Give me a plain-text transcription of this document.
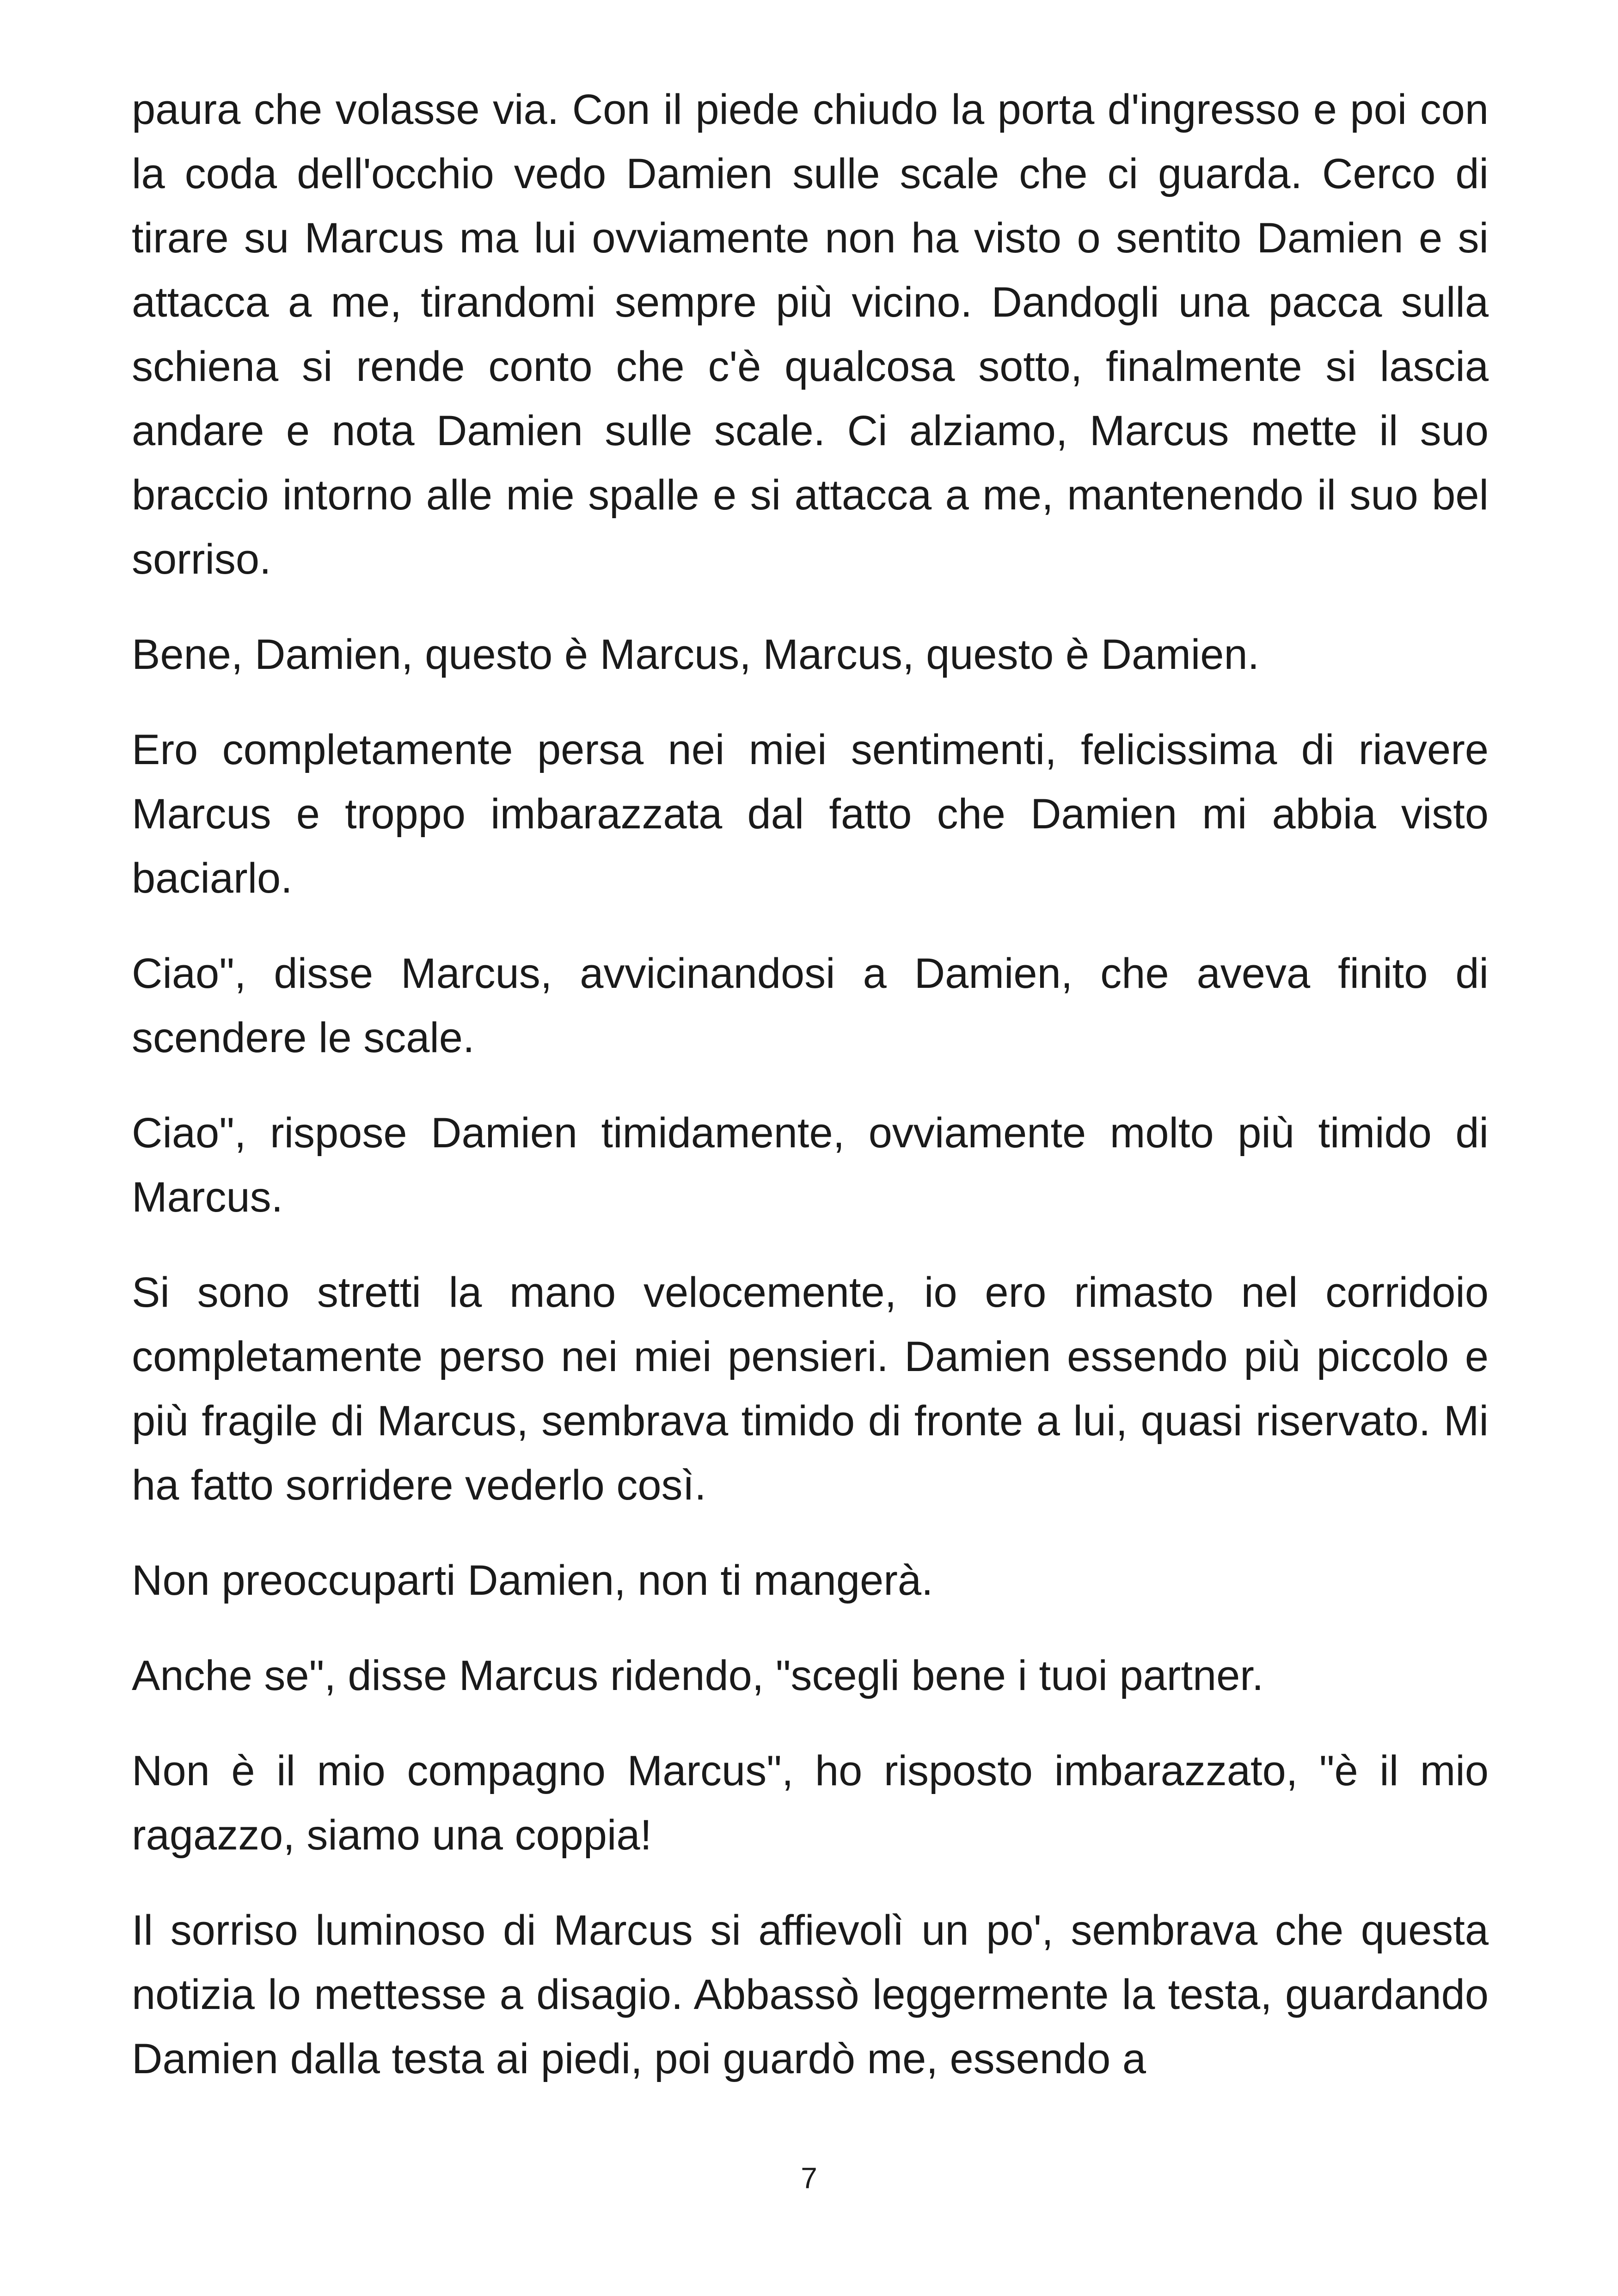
paura che volasse via. Con il piede chiudo la porta d'ingresso e poi con la coda dell'occhio vedo Damien sulle scale che ci guarda. Cerco di tirare su Marcus ma lui ovviamente non ha visto o sentito Damien e si attacca a me, tirandomi sempre più vicino. Dandogli una pacca sulla schiena si rende conto che c'è qualcosa sotto, finalmente si lascia andare e nota Damien sulle scale. Ci alziamo, Marcus mette il suo braccio intorno alle mie spalle e si attacca a me, mantenendo il suo bel sorriso.

Bene, Damien, questo è Marcus, Marcus, questo è Damien.

Ero completamente persa nei miei sentimenti, felicissima di riavere Marcus e troppo imbarazzata dal fatto che Damien mi abbia visto baciarlo.

Ciao", disse Marcus, avvicinandosi a Damien, che aveva finito di scendere le scale.

Ciao", rispose Damien timidamente, ovviamente molto più timido di Marcus.

Si sono stretti la mano velocemente, io ero rimasto nel corridoio completamente perso nei miei pensieri. Damien essendo più piccolo e più fragile di Marcus, sembrava timido di fronte a lui, quasi riservato. Mi ha fatto sorridere vederlo così.

Non preoccuparti Damien, non ti mangerà.

Anche se", disse Marcus ridendo, "scegli bene i tuoi partner.

Non è il mio compagno Marcus", ho risposto imbarazzato, "è il mio ragazzo, siamo una coppia!

Il sorriso luminoso di Marcus si affievolì un po', sembrava che questa notizia lo mettesse a disagio. Abbassò leggermente la testa, guardando Damien dalla testa ai piedi, poi guardò me, essendo a

7
